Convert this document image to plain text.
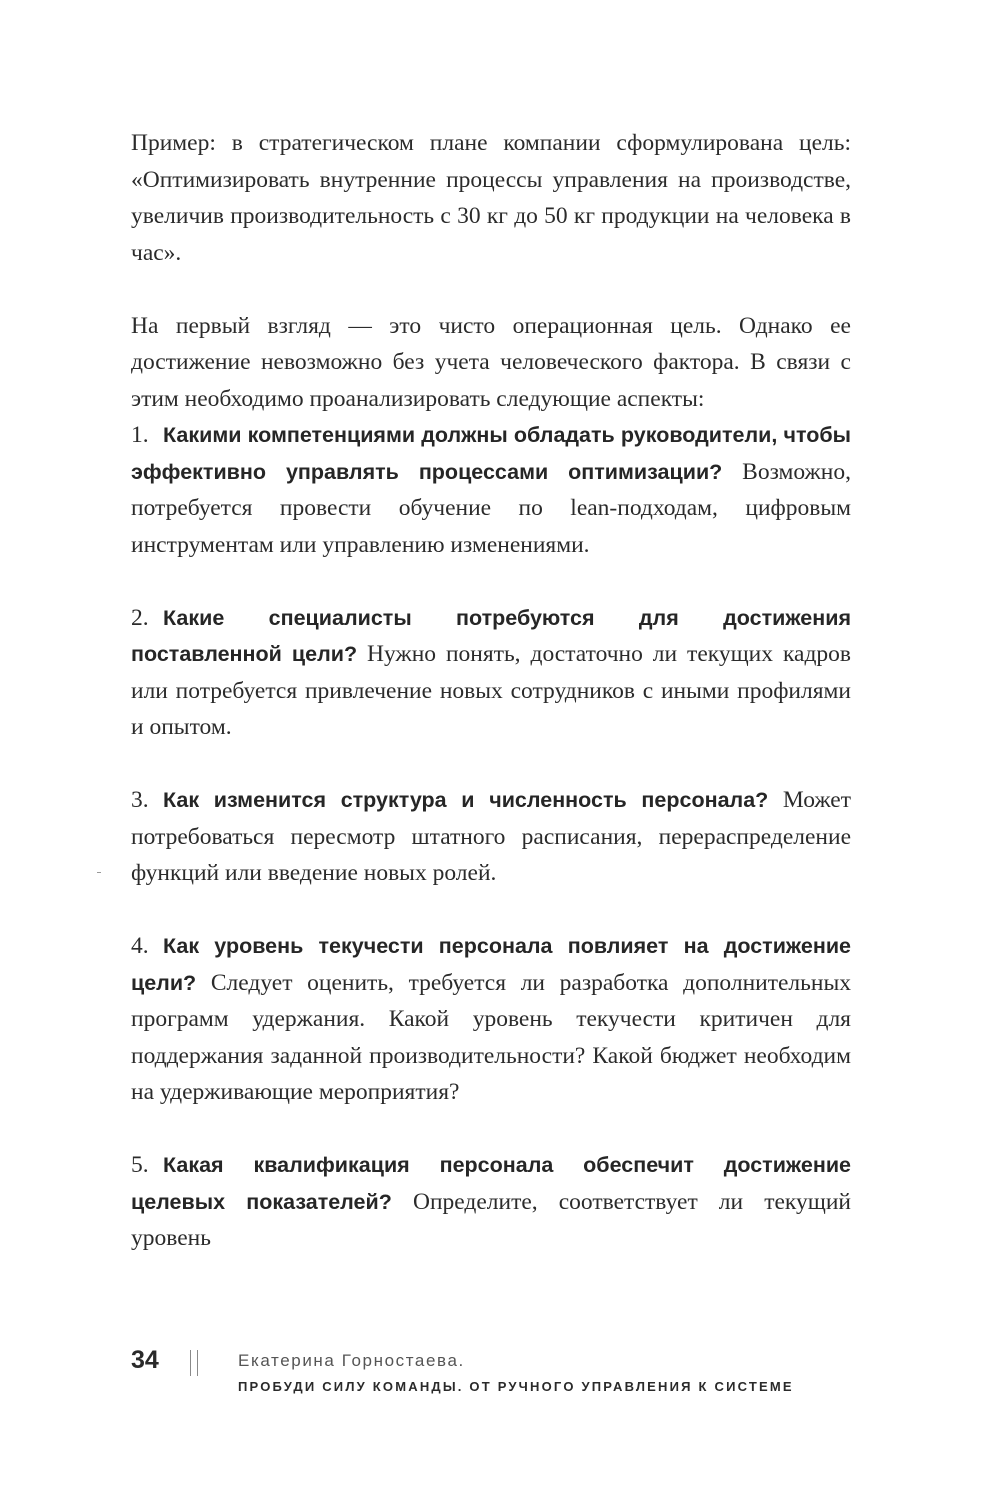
Пример: в стратегическом плане компании сформулирована цель: «Оптимизировать внутренние процессы управления на производстве, увеличив производительность с 30 кг до 50 кг продукции на человека в час».

На первый взгляд — это чисто операционная цель. Однако ее достижение невозможно без учета человеческого фактора. В связи с этим необходимо проанализировать следующие аспекты:

1. Какими компетенциями должны обладать руководители, чтобы эффективно управлять процессами оптимизации? Возможно, потребуется провести обучение по lean-подходам, цифровым инструментам или управлению изменениями.

2. Какие специалисты потребуются для достижения поставленной цели? Нужно понять, достаточно ли текущих кадров или потребуется привлечение новых сотрудников с иными профилями и опытом.

3. Как изменится структура и численность персонала? Может потребоваться пересмотр штатного расписания, перераспределение функций или введение новых ролей.

4. Как уровень текучести персонала повлияет на достижение цели? Следует оценить, требуется ли разработка дополнительных программ удержания. Какой уровень текучести критичен для поддержания заданной производительности? Какой бюджет необходим на удерживающие мероприятия?

5. Какая квалификация персонала обеспечит достижение целевых показателей? Определите, соответствует ли текущий уровень

34	Екатерина Горностаева.
ПРОБУДИ СИЛУ КОМАНДЫ. ОТ РУЧНОГО УПРАВЛЕНИЯ К СИСТЕМЕ
